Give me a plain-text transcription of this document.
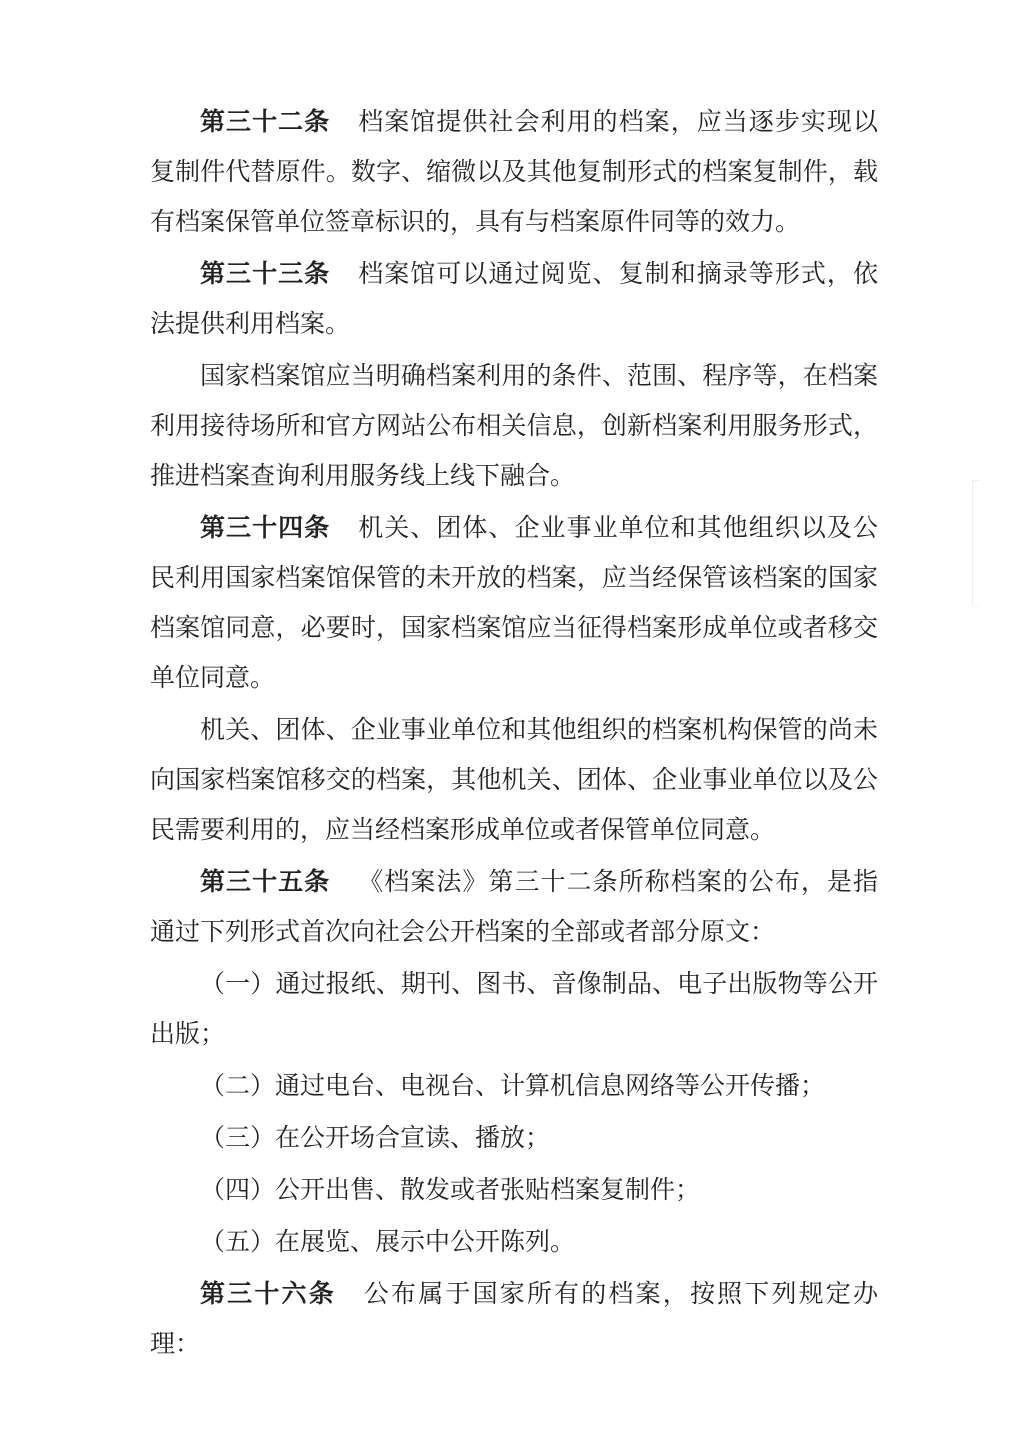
第三十二条 档案馆提供社会利用的档案，应当逐步实现以复制件代替原件。数字、缩微以及其他复制形式的档案复制件，载有档案保管单位签章标识的，具有与档案原件同等的效力。

第三十三条 档案馆可以通过阅览、复制和摘录等形式，依法提供利用档案。

国家档案馆应当明确档案利用的条件、范围、程序等，在档案利用接待场所和官方网站公布相关信息，创新档案利用服务形式，推进档案查询利用服务线上线下融合。

第三十四条 机关、团体、企业事业单位和其他组织以及公民利用国家档案馆保管的未开放的档案，应当经保管该档案的国家档案馆同意，必要时，国家档案馆应当征得档案形成单位或者移交单位同意。

机关、团体、企业事业单位和其他组织的档案机构保管的尚未向国家档案馆移交的档案，其他机关、团体、企业事业单位以及公民需要利用的，应当经档案形成单位或者保管单位同意。

第三十五条 《档案法》第三十二条所称档案的公布，是指通过下列形式首次向社会公开档案的全部或者部分原文：

（一）通过报纸、期刊、图书、音像制品、电子出版物等公开出版；

（二）通过电台、电视台、计算机信息网络等公开传播；

（三）在公开场合宣读、播放；

（四）公开出售、散发或者张贴档案复制件；

（五）在展览、展示中公开陈列。

第三十六条 公布属于国家所有的档案，按照下列规定办理：
